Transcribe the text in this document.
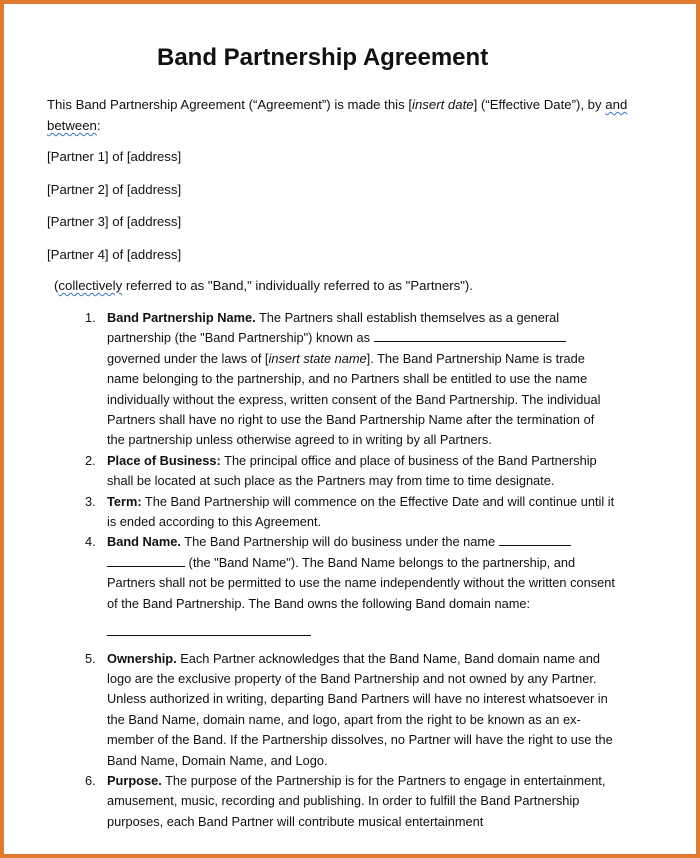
Band Partnership Agreement
This Band Partnership Agreement (“Agreement”) is made this [insert date] (“Effective Date”), by and between:
[Partner 1] of [address]
[Partner 2] of [address]
[Partner 3] of [address]
[Partner 4] of [address]
(collectively referred to as "Band," individually referred to as "Partners").
1. Band Partnership Name. The Partners shall establish themselves as a general partnership (the "Band Partnership") known as  governed under the laws of [insert state name]. The Band Partnership Name is trade name belonging to the partnership, and no Partners shall be entitled to use the name individually without the express, written consent of the Band Partnership. The individual Partners shall have no right to use the Band Partnership Name after the termination of the partnership unless otherwise agreed to in writing by all Partners.
2. Place of Business: The principal office and place of business of the Band Partnership shall be located at such place as the Partners may from time to time designate.
3. Term: The Band Partnership will commence on the Effective Date and will continue until it is ended according to this Agreement.
4. Band Name. The Band Partnership will do business under the name   (the "Band Name"). The Band Name belongs to the partnership, and Partners shall not be permitted to use the name independently without the written consent of the Band Partnership. The Band owns the following Band domain name:
5. Ownership. Each Partner acknowledges that the Band Name, Band domain name and logo are the exclusive property of the Band Partnership and not owned by any Partner. Unless authorized in writing, departing Band Partners will have no interest whatsoever in the Band Name, domain name, and logo, apart from the right to be known as an ex-member of the Band. If the Partnership dissolves, no Partner will have the right to use the Band Name, Domain Name, and Logo.
6. Purpose. The purpose of the Partnership is for the Partners to engage in entertainment, amusement, music, recording and publishing. In order to fulfill the Band Partnership purposes, each Band Partner will contribute musical entertainment
